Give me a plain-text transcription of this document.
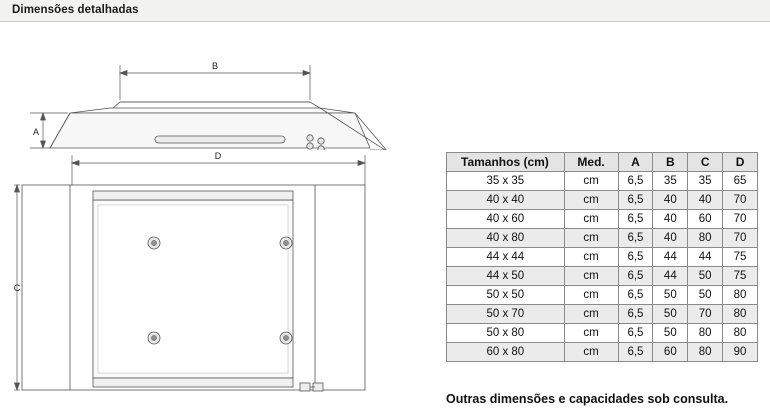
Dimensões detalhadas
B
A
D
C
Tamanhos (cm)	Med.	A	B	C	D
35 x 35	cm	6,5	35	35	65
40 x 40	cm	6,5	40	40	70
40 x 60	cm	6,5	40	60	70
40 x 80	cm	6,5	40	80	70
44 x 44	cm	6,5	44	44	75
44 x 50	cm	6,5	44	50	75
50 x 50	cm	6,5	50	50	80
50 x 70	cm	6,5	50	70	80
50 x 80	cm	6,5	50	80	80
60 x 80	cm	6,5	60	80	90
Outras dimensões e capacidades sob consulta.
